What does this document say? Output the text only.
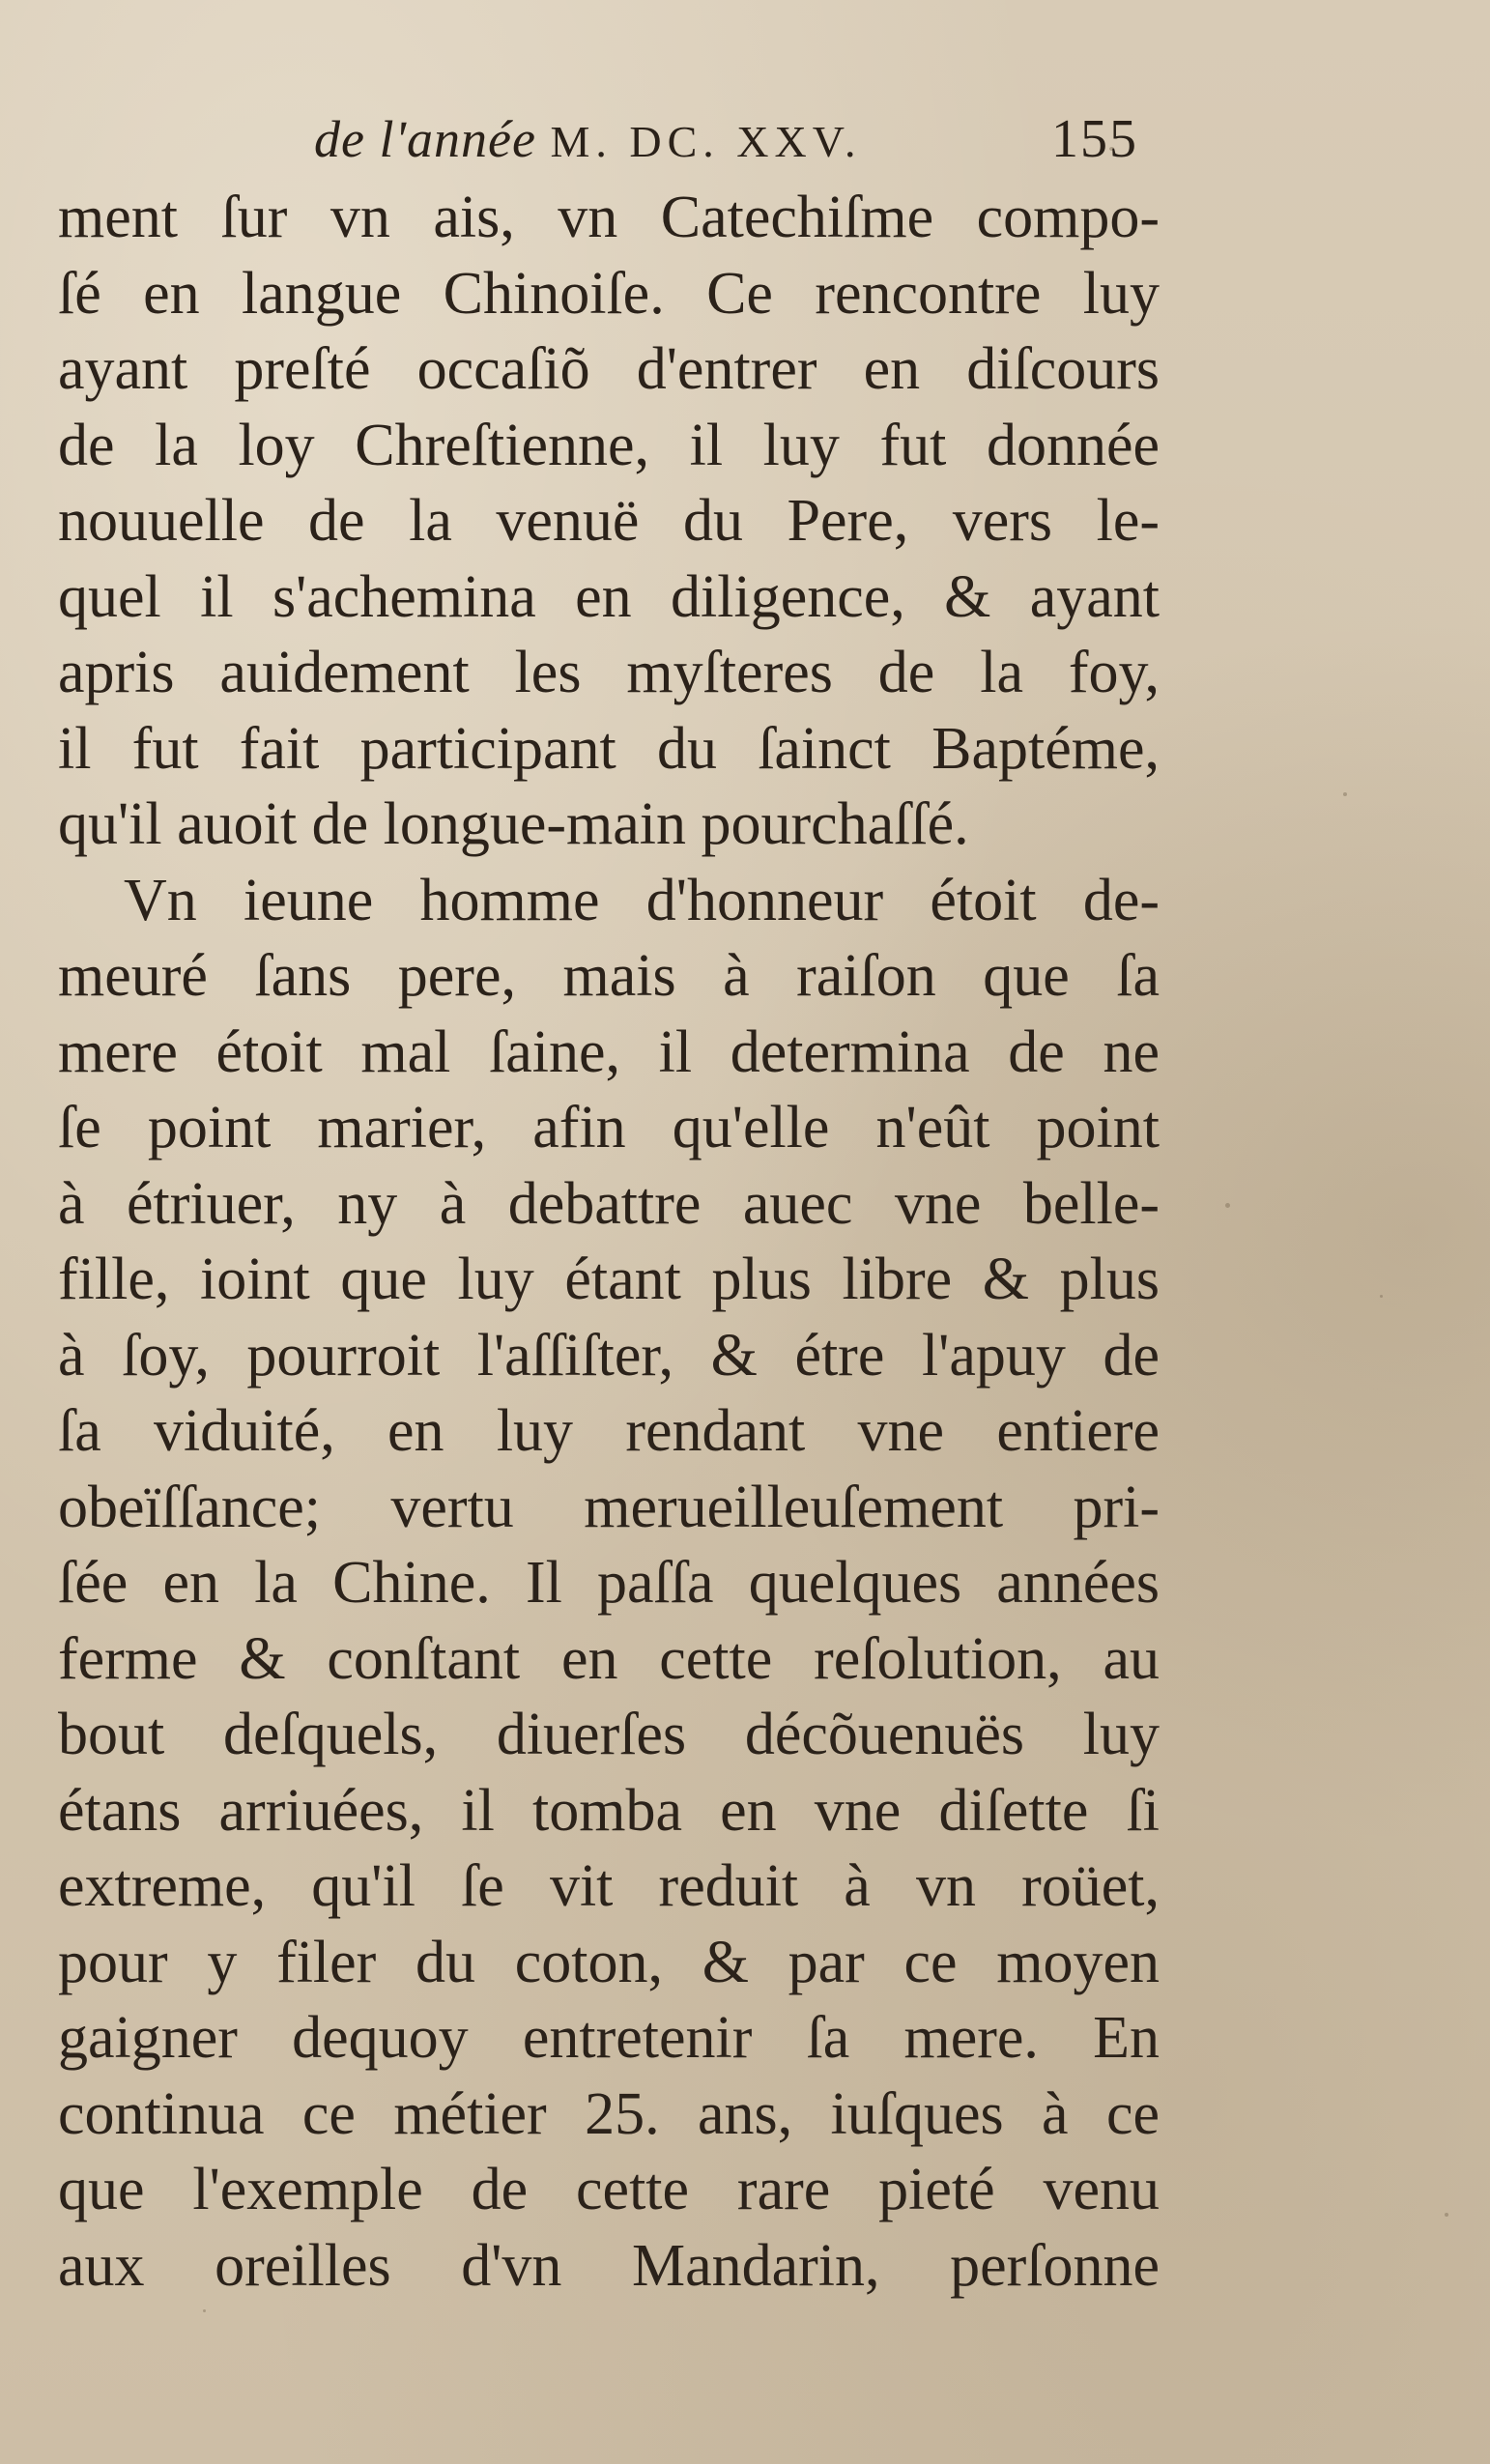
de l'année M. DC. XXV.	155
ment ſur vn ais, vn Catechiſme compo-
ſé en langue Chinoiſe. Ce rencontre luy
ayant preſté occaſiõ d'entrer en diſcours
de la loy Chreſtienne, il luy fut donnée
nouuelle de la venuë du Pere, vers le-
quel il s'achemina en diligence, & ayant
apris auidement les myſteres de la foy,
il fut fait participant du ſainct Baptéme,
qu'il auoit de longue-main pourchaſſé.
Vn ieune homme d'honneur étoit de-
meuré ſans pere, mais à raiſon que ſa
mere étoit mal ſaine, il determina de ne
ſe point marier, afin qu'elle n'eût point
à étriuer, ny à debattre auec vne belle-
fille, ioint que luy étant plus libre & plus
à ſoy, pourroit l'aſſiſter, & étre l'apuy de
ſa viduité, en luy rendant vne entiere
obeïſſance; vertu merueilleuſement pri-
ſée en la Chine. Il paſſa quelques années
ferme & conſtant en cette reſolution, au
bout deſquels, diuerſes décõuenuës luy
étans arriuées, il tomba en vne diſette ſi
extreme, qu'il ſe vit reduit à vn roüet,
pour y filer du coton, & par ce moyen
gaigner dequoy entretenir ſa mere. En
continua ce métier 25. ans, iuſques à ce
que l'exemple de cette rare pieté venu
aux oreilles d'vn Mandarin, perſonne
